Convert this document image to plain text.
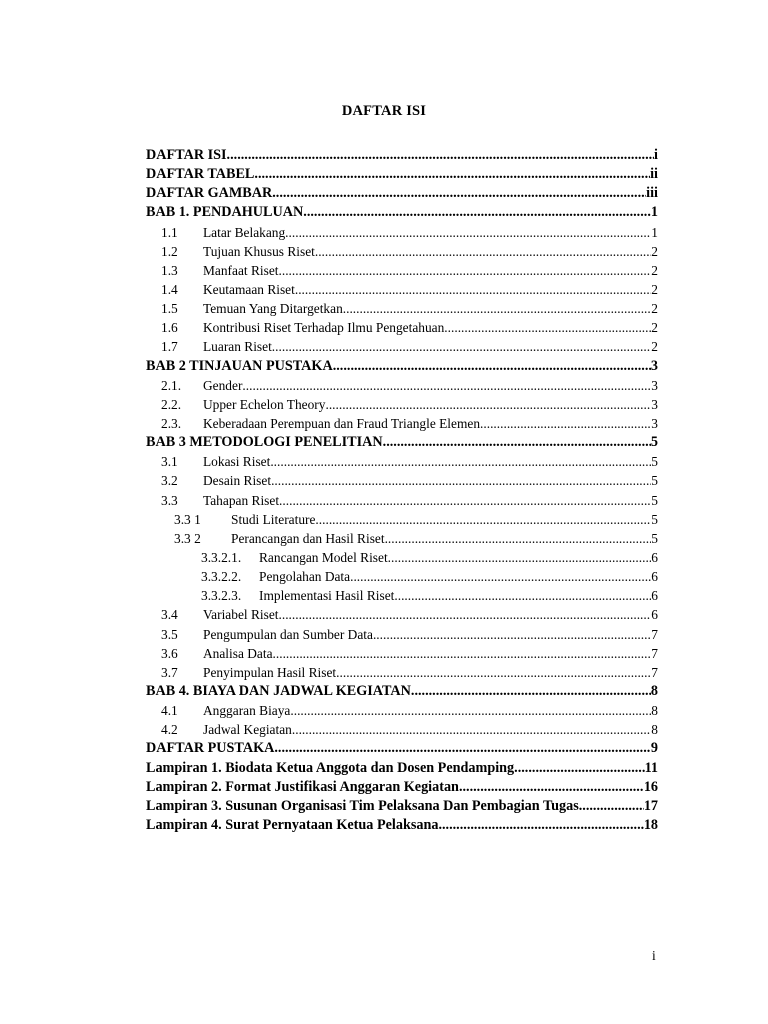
DAFTAR ISI
DAFTAR ISI .....	i
DAFTAR TABEL .....	ii
DAFTAR GAMBAR .....	iii
BAB 1. PENDAHULUAN .....	1
1.1	Latar Belakang .....	1
1.2	Tujuan Khusus Riset .....	2
1.3	Manfaat Riset .....	2
1.4	Keutamaan Riset .....	2
1.5	Temuan Yang Ditargetkan .....	2
1.6	Kontribusi Riset Terhadap Ilmu Pengetahuan .....	2
1.7	Luaran Riset .....	2
BAB 2 TINJAUAN PUSTAKA .....	3
2.1.	Gender .....	3
2.2.	Upper Echelon Theory .....	3
2.3.	Keberadaan Perempuan dan Fraud Triangle Elemen .....	3
BAB 3 METODOLOGI PENELITIAN .....	5
3.1	Lokasi Riset .....	5
3.2	Desain Riset .....	5
3.3	Tahapan Riset .....	5
3.3 1	Studi Literature .....	5
3.3 2	Perancangan dan Hasil Riset .....	5
3.3.2.1.	Rancangan Model Riset .....	6
3.3.2.2.	Pengolahan Data .....	6
3.3.2.3.	Implementasi Hasil Riset .....	6
3.4	Variabel Riset .....	6
3.5	Pengumpulan dan Sumber Data .....	7
3.6	Analisa Data .....	7
3.7	Penyimpulan Hasil Riset .....	7
BAB 4. BIAYA DAN JADWAL KEGIATAN .....	8
4.1	Anggaran Biaya .....	8
4.2	Jadwal Kegiatan .....	8
DAFTAR PUSTAKA .....	9
Lampiran 1. Biodata Ketua Anggota dan Dosen Pendamping .....	11
Lampiran 2. Format Justifikasi Anggaran Kegiatan .....	16
Lampiran 3. Susunan Organisasi Tim Pelaksana Dan Pembagian Tugas .....	17
Lampiran 4. Surat Pernyataan Ketua Pelaksana .....	18
i
